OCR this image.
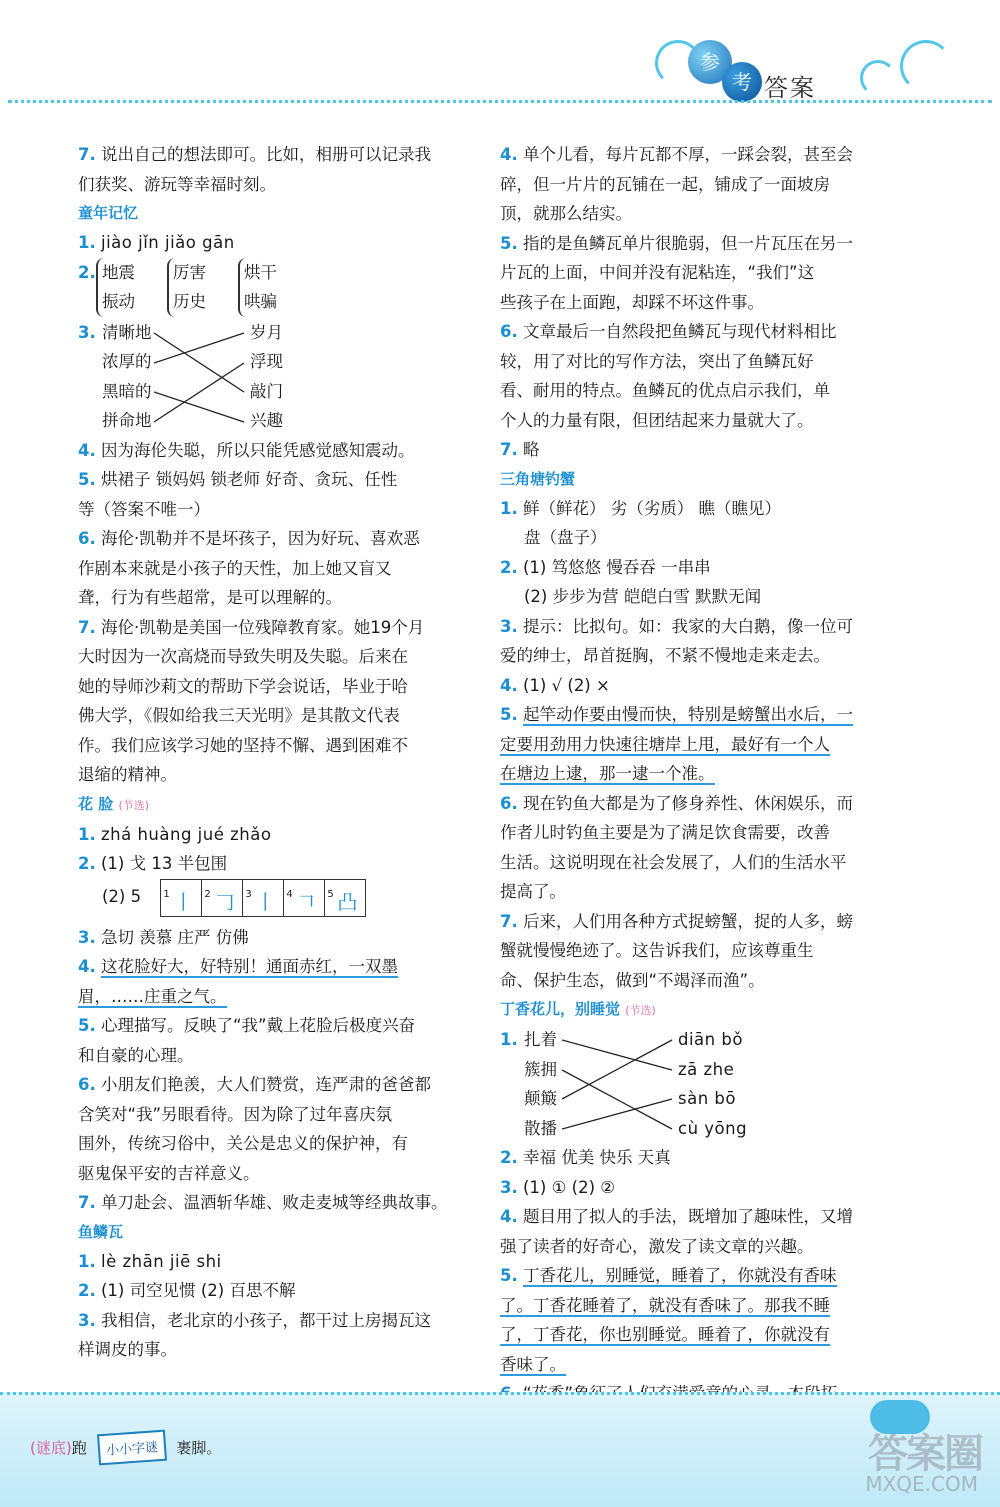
参
考 答案
7. 说出自己的想法即可。比如，相册可以记录我
们获奖、游玩等幸福时刻。
童年记忆
1. jiào jǐn jiǎo gān
2. 地震
振动
厉害
历史
烘干
哄骗
3. 清晰地
浓厚的
黑暗的
拼命地
岁月
浮现
敲门
兴趣
4. 因为海伦失聪，所以只能凭感觉感知震动。
5. 烘裙子 锁妈妈 锁老师 好奇、贪玩、任性
等（答案不唯一）
6. 海伦·凯勒并不是坏孩子，因为好玩、喜欢恶
作剧本来就是小孩子的天性，加上她又盲又
聋，行为有些超常，是可以理解的。
7. 海伦·凯勒是美国一位残障教育家。她19个月
大时因为一次高烧而导致失明及失聪。后来在
她的导师沙莉文的帮助下学会说话，毕业于哈
佛大学，《假如给我三天光明》是其散文代表
作。我们应该学习她的坚持不懈、遇到困难不
退缩的精神。
花 脸 (节选)
1. zhá huàng jué zhǎo
2. (1) 戈 13 半包围
(2) 5 1 丨 2 𠃌 3 丨 4 𠃍 5 凸
3. 急切 羡慕 庄严 仿佛
4. 这花脸好大，好特别！通面赤红，一双墨
眉，……庄重之气。
5. 心理描写。反映了“我”戴上花脸后极度兴奋
和自豪的心理。
6. 小朋友们艳羡，大人们赞赏，连严肃的爸爸都
含笑对“我”另眼看待。因为除了过年喜庆氛
围外，传统习俗中，关公是忠义的保护神，有
驱鬼保平安的吉祥意义。
7. 单刀赴会、温酒斩华雄、败走麦城等经典故事。
鱼鳞瓦
1. lè zhān jiē shi
2. (1) 司空见惯 (2) 百思不解
3. 我相信，老北京的小孩子，都干过上房揭瓦这
样调皮的事。
4. 单个儿看，每片瓦都不厚，一踩会裂，甚至会
碎，但一片片的瓦铺在一起，铺成了一面坡房
顶，就那么结实。
5. 指的是鱼鳞瓦单片很脆弱，但一片瓦压在另一
片瓦的上面，中间并没有泥粘连，“我们”这
些孩子在上面跑，却踩不坏这件事。
6. 文章最后一自然段把鱼鳞瓦与现代材料相比
较，用了对比的写作方法，突出了鱼鳞瓦好
看、耐用的特点。鱼鳞瓦的优点启示我们，单
个人的力量有限，但团结起来力量就大了。
7. 略
三角塘钓蟹
1. 鲜（鲜花） 劣（劣质） 瞧（瞧见）
盘（盘子）
2. (1) 笃悠悠 慢吞吞 一串串
(2) 步步为营 皑皑白雪 默默无闻
3. 提示：比拟句。如：我家的大白鹅，像一位可
爱的绅士，昂首挺胸，不紧不慢地走来走去。
4. (1) √ (2) ×
5. 起竿动作要由慢而快，特别是螃蟹出水后，一
定要用劲用力快速往塘岸上甩，最好有一个人
在塘边上逮，那一逮一个准。
6. 现在钓鱼大都是为了修身养性、休闲娱乐，而
作者儿时钓鱼主要是为了满足饮食需要，改善
生活。这说明现在社会发展了，人们的生活水平
提高了。
7. 后来，人们用各种方式捉螃蟹，捉的人多，螃
蟹就慢慢绝迹了。这告诉我们，应该尊重生
命、保护生态，做到“不竭泽而渔”。
丁香花儿，别睡觉 (节选)
1. 扎着
簇拥
颠簸
散播
diān bǒ
zā zhe
sàn bō
cù yōng
2. 幸福 优美 快乐 天真
3. (1) ① (2) ②
4. 题目用了拟人的手法，既增加了趣味性，又增
强了读者的好奇心，激发了读文章的兴趣。
5. 丁香花儿，别睡觉，睡着了，你就没有香味
了。丁香花睡着了，就没有香味了。那我不睡
了，丁香花，你也别睡觉。睡着了，你就没有
香味了。

(谜底)跑 小小字谜 裹脚。	答案圈
MXQE.COM
